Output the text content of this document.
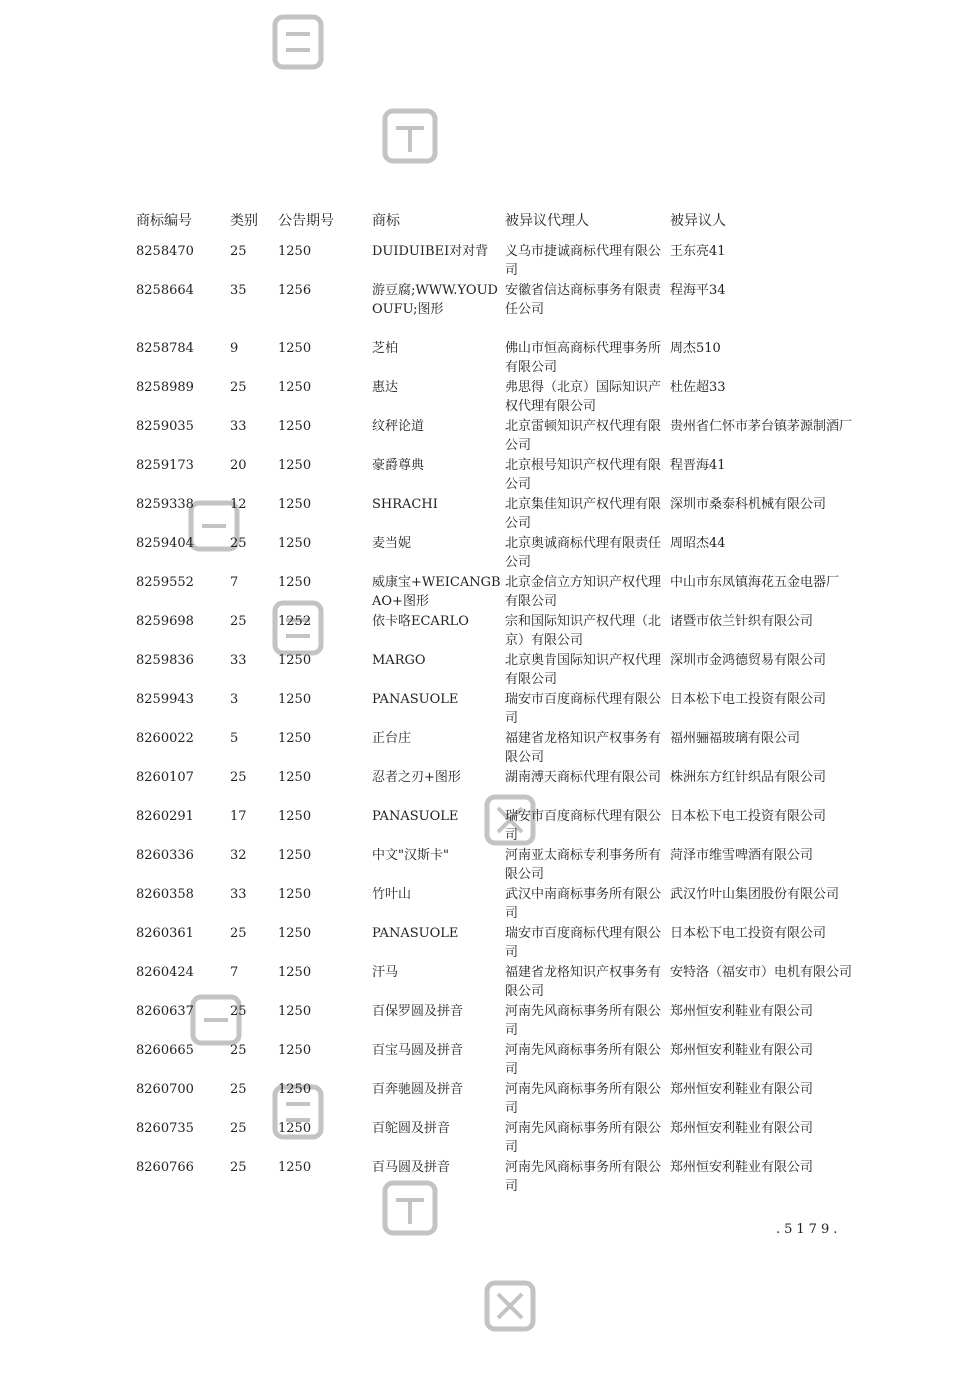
商标编号	类别	公告期号	商标	被异议代理人	被异议人
8258470	25	1250	DUIDUIBEI对对背	义乌市捷诚商标代理有限公司	王东亮41
8258664	35	1256	游豆腐;WWW.YOUDOUFU;图形	安徽省信达商标事务有限责任公司	程海平34
8258784	9	1250	芝柏	佛山市恒高商标代理事务所有限公司	周杰510
8258989	25	1250	惠达	弗思得（北京）国际知识产权代理有限公司	杜佐超33
8259035	33	1250	纹秤论道	北京雷顿知识产权代理有限公司	贵州省仁怀市茅台镇茅源制酒厂
8259173	20	1250	豪爵尊典	北京根号知识产权代理有限公司	程晋海41
8259338	12	1250	SHRACHI	北京集佳知识产权代理有限公司	深圳市桑泰科机械有限公司
8259404	25	1250	麦当妮	北京奥诚商标代理有限责任公司	周昭杰44
8259552	7	1250	威康宝+WEICANGBAO+图形	北京金信立方知识产权代理有限公司	中山市东凤镇海花五金电器厂
8259698	25	1252	依卡咯ECARLO	宗和国际知识产权代理（北京）有限公司	诸暨市依兰针织有限公司
8259836	33	1250	MARGO	北京奥肯国际知识产权代理有限公司	深圳市金鸿德贸易有限公司
8259943	3	1250	PANASUOLE	瑞安市百度商标代理有限公司	日本松下电工投资有限公司
8260022	5	1250	正台庄	福建省龙格知识产权事务有限公司	福州骊福玻璃有限公司
8260107	25	1250	忍者之刃+图形	湖南溥天商标代理有限公司	株洲东方红针织品有限公司
8260291	17	1250	PANASUOLE	瑞安市百度商标代理有限公司	日本松下电工投资有限公司
8260336	32	1250	中文"汉斯卡"	河南亚太商标专利事务所有限公司	菏泽市维雪啤酒有限公司
8260358	33	1250	竹叶山	武汉中南商标事务所有限公司	武汉竹叶山集团股份有限公司
8260361	25	1250	PANASUOLE	瑞安市百度商标代理有限公司	日本松下电工投资有限公司
8260424	7	1250	汗马	福建省龙格知识产权事务有限公司	安特洛（福安市）电机有限公司
8260637	25	1250	百保罗圆及拼音	河南先风商标事务所有限公司	郑州恒安利鞋业有限公司
8260665	25	1250	百宝马圆及拼音	河南先风商标事务所有限公司	郑州恒安利鞋业有限公司
8260700	25	1250	百奔驰圆及拼音	河南先风商标事务所有限公司	郑州恒安利鞋业有限公司
8260735	25	1250	百鸵圆及拼音	河南先风商标事务所有限公司	郑州恒安利鞋业有限公司
8260766	25	1250	百马圆及拼音	河南先风商标事务所有限公司	郑州恒安利鞋业有限公司
.5179.
